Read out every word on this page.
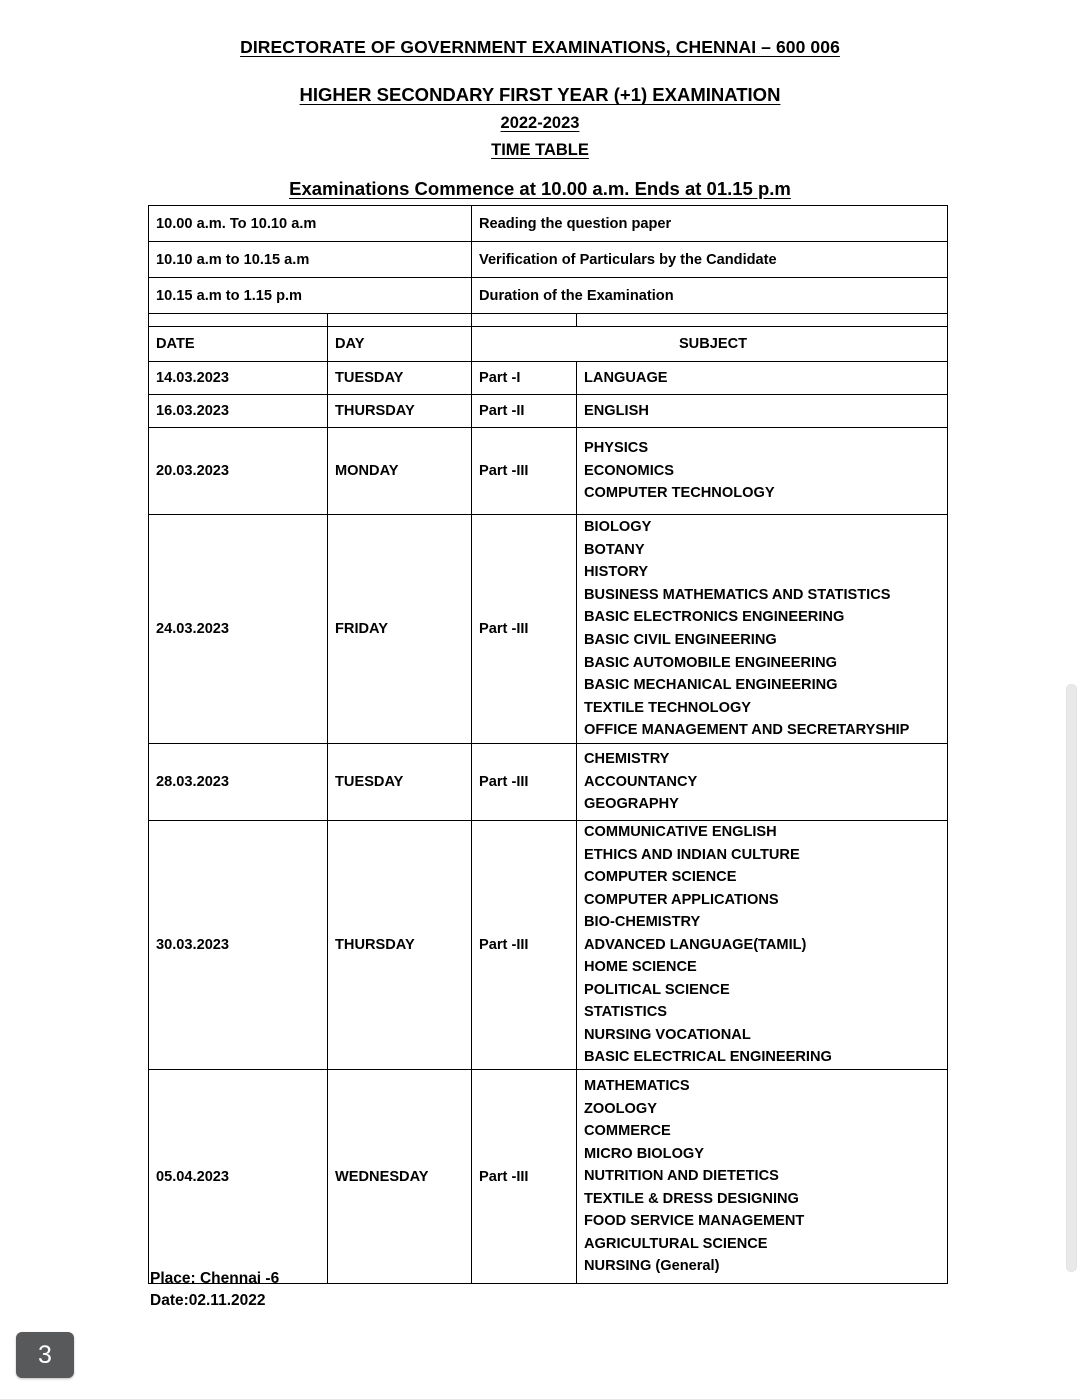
DIRECTORATE OF GOVERNMENT EXAMINATIONS, CHENNAI – 600 006
HIGHER SECONDARY FIRST YEAR (+1) EXAMINATION
2022-2023
TIME TABLE
Examinations Commence at 10.00 a.m. Ends at 01.15 p.m
10.00 a.m. To 10.10 a.m		Reading the question paper	
10.10 a.m to 10.15 a.m		Verification of Particulars by the Candidate	
10.15 a.m to 1.15 p.m		Duration of the Examination	

DATE	DAY	SUBJECT	
14.03.2023	TUESDAY	Part -I	LANGUAGE

16.03.2023	THURSDAY	Part -II	ENGLISH

20.03.2023	MONDAY	Part -III	
PHYSICS
ECONOMICS
COMPUTER TECHNOLOGY

24.03.2023	FRIDAY	Part -III	
BIOLOGY
BOTANY
HISTORY
BUSINESS MATHEMATICS AND STATISTICS
BASIC ELECTRONICS ENGINEERING
BASIC CIVIL ENGINEERING
BASIC AUTOMOBILE ENGINEERING
BASIC MECHANICAL ENGINEERING
TEXTILE TECHNOLOGY
OFFICE MANAGEMENT AND SECRETARYSHIP

28.03.2023	TUESDAY	Part -III	
CHEMISTRY
ACCOUNTANCY
GEOGRAPHY

30.03.2023	THURSDAY	Part -III	
COMMUNICATIVE ENGLISH
ETHICS AND INDIAN CULTURE
COMPUTER SCIENCE
COMPUTER APPLICATIONS
BIO-CHEMISTRY
ADVANCED LANGUAGE(TAMIL)
HOME SCIENCE
POLITICAL SCIENCE
STATISTICS
NURSING VOCATIONAL
BASIC ELECTRICAL ENGINEERING

05.04.2023	WEDNESDAY	Part -III	
MATHEMATICS
ZOOLOGY
COMMERCE
MICRO BIOLOGY
NUTRITION AND DIETETICS
TEXTILE & DRESS DESIGNING
FOOD SERVICE MANAGEMENT
AGRICULTURAL SCIENCE
NURSING (General)
Place: Chennai -6
Date:02.11.2022
3
